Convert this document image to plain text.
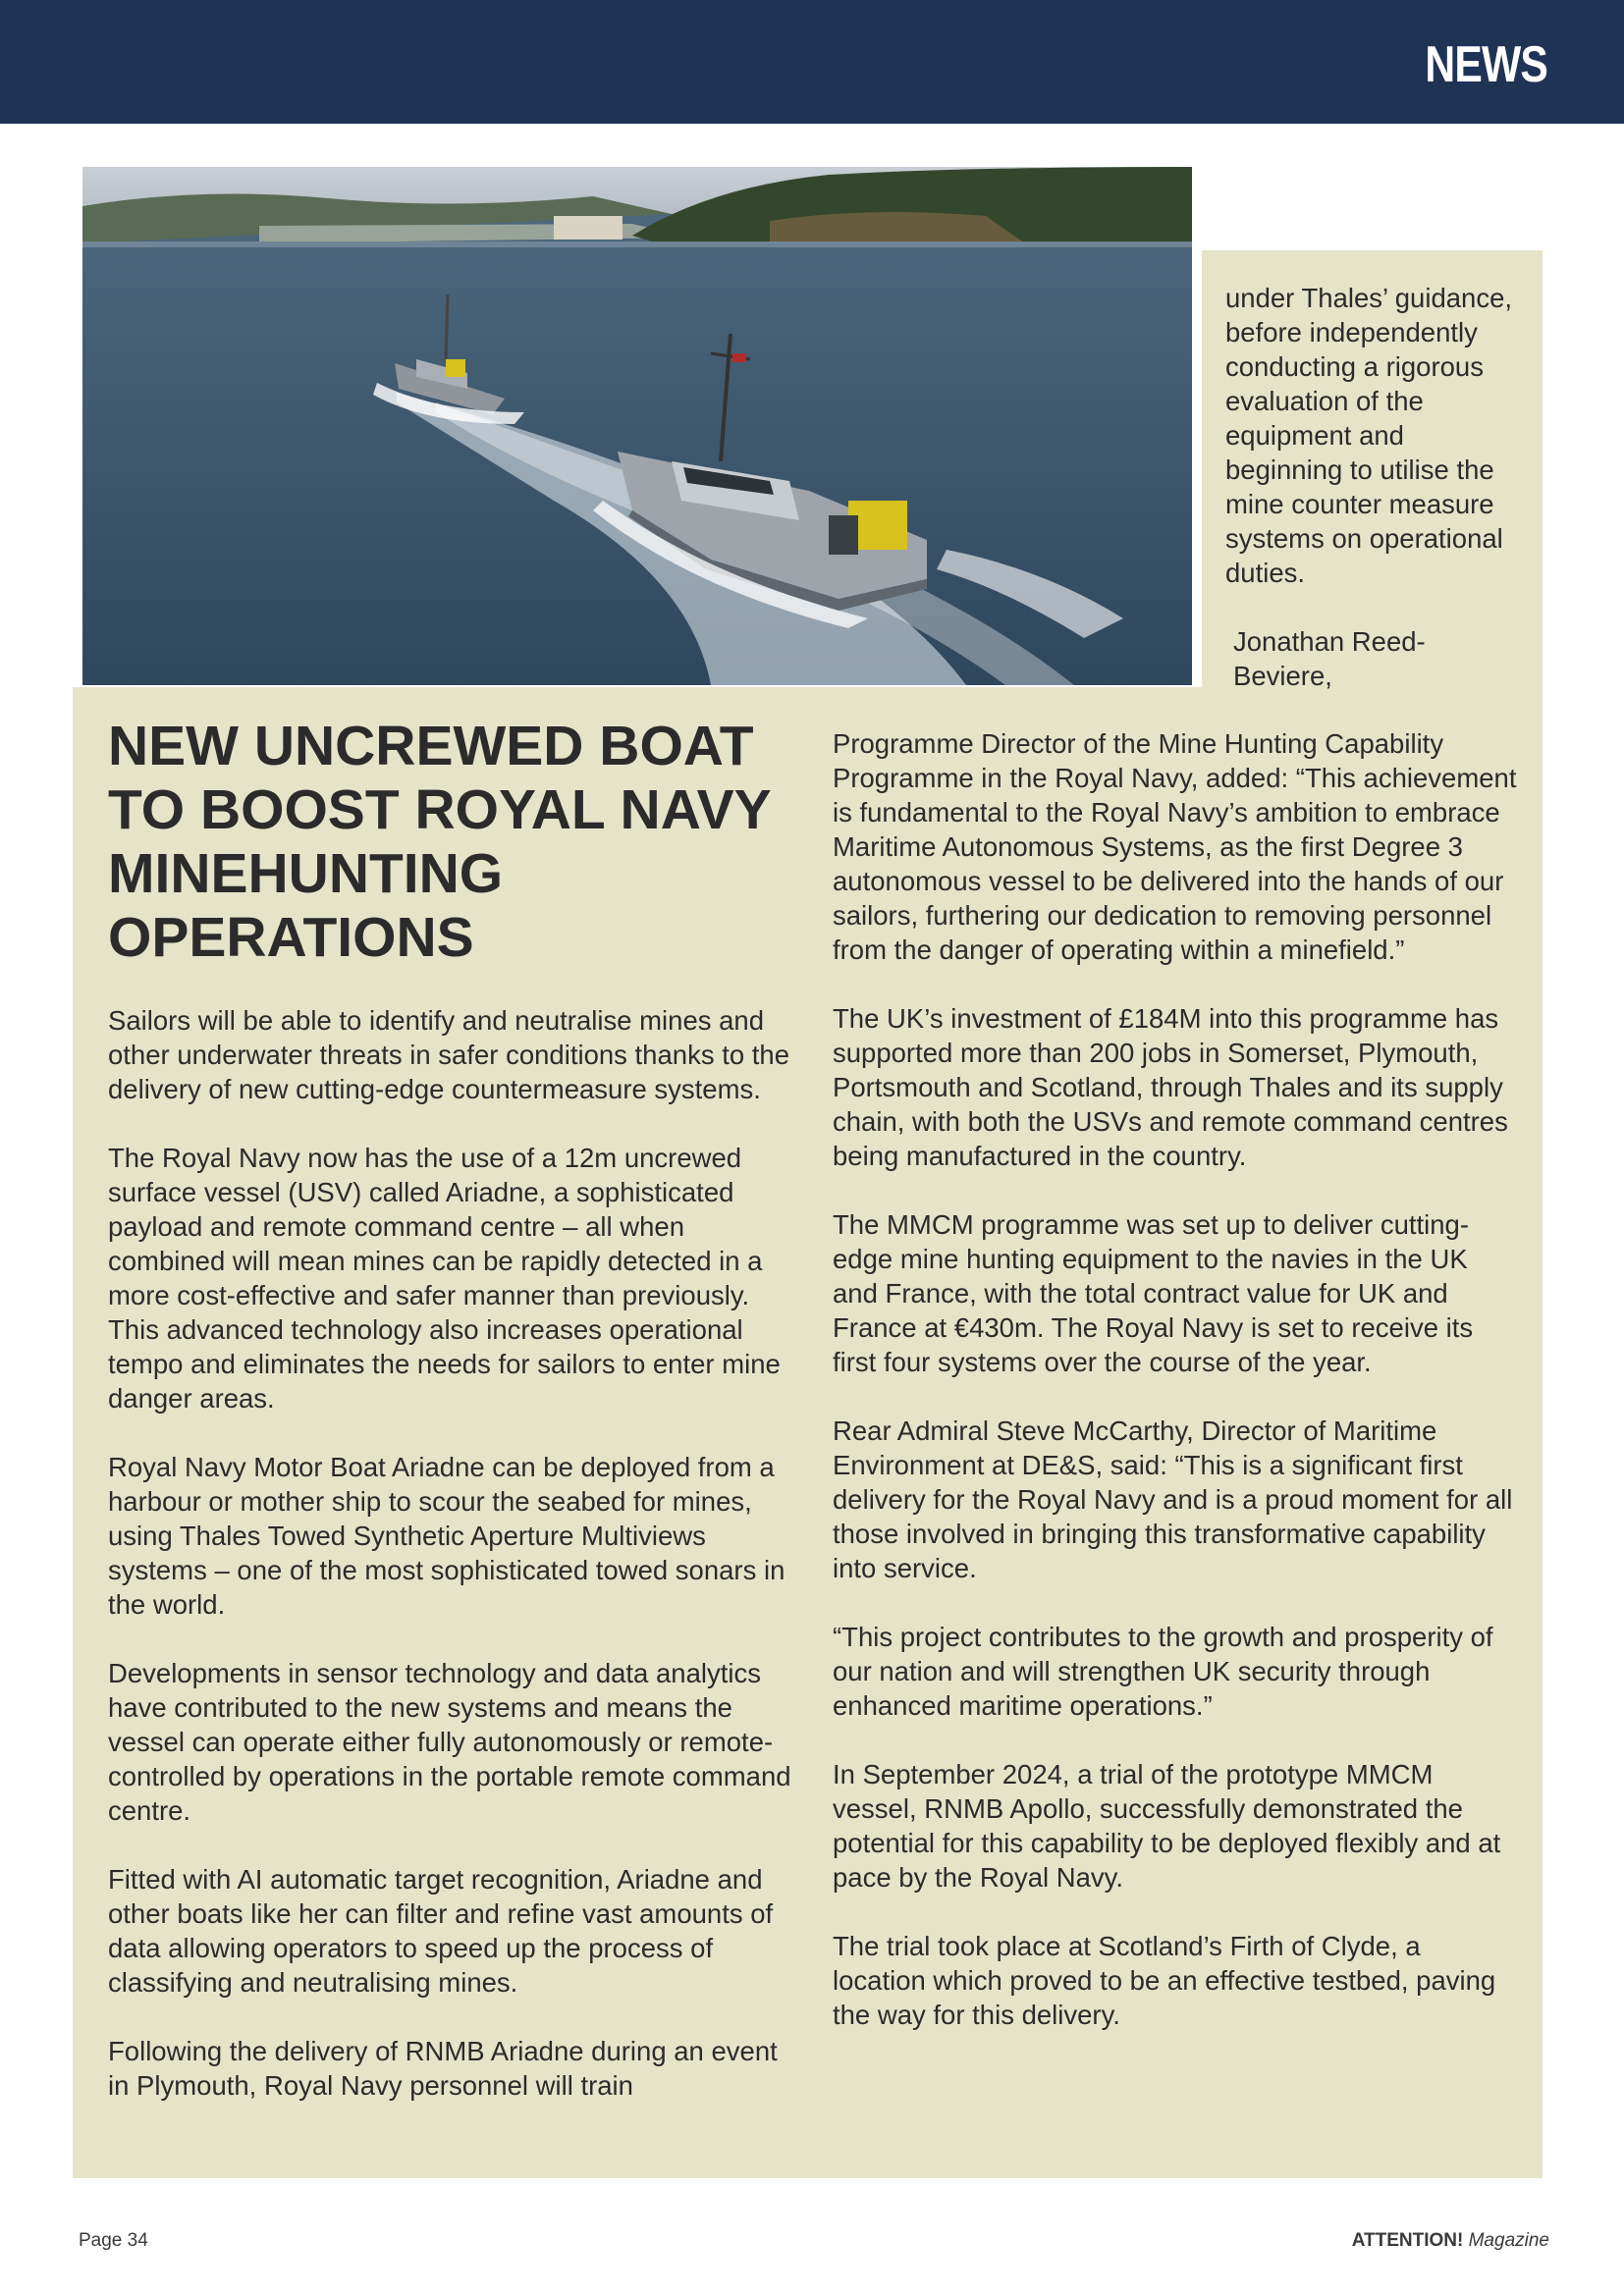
NEWS
NEW UNCREWED BOAT TO BOOST ROYAL NAVY MINEHUNTING OPERATIONS

under Thales’ guidance, before independently conducting a rigorous evaluation of the equipment and beginning to utilise the mine counter measure systems on operational duties.

Jonathan Reed-Beviere,

Sailors will be able to identify and neutralise mines and other underwater threats in safer conditions thanks to the delivery of new cutting-edge countermeasure systems.

The Royal Navy now has the use of a 12m uncrewed surface vessel (USV) called Ariadne, a sophisticated payload and remote command centre – all when combined will mean mines can be rapidly detected in a more cost-effective and safer manner than previously. This advanced technology also increases operational tempo and eliminates the needs for sailors to enter mine danger areas.

Royal Navy Motor Boat Ariadne can be deployed from a harbour or mother ship to scour the seabed for mines, using Thales Towed Synthetic Aperture Multiviews systems – one of the most sophisticated towed sonars in the world.

Developments in sensor technology and data analytics have contributed to the new systems and means the vessel can operate either fully autonomously or remote-controlled by operations in the portable remote command centre.

Fitted with AI automatic target recognition, Ariadne and other boats like her can filter and refine vast amounts of data allowing operators to speed up the process of classifying and neutralising mines.

Following the delivery of RNMB Ariadne during an event in Plymouth, Royal Navy personnel will train

Programme Director of the Mine Hunting Capability Programme in the Royal Navy, added: “This achievement is fundamental to the Royal Navy’s ambition to embrace Maritime Autonomous Systems, as the first Degree 3 autonomous vessel to be delivered into the hands of our sailors, furthering our dedication to removing personnel from the danger of operating within a minefield.”

The UK’s investment of £184M into this programme has supported more than 200 jobs in Somerset, Plymouth, Portsmouth and Scotland, through Thales and its supply chain, with both the USVs and remote command centres being manufactured in the country.

The MMCM programme was set up to deliver cutting-edge mine hunting equipment to the navies in the UK and France, with the total contract value for UK and France at €430m. The Royal Navy is set to receive its first four systems over the course of the year.

Rear Admiral Steve McCarthy, Director of Maritime Environment at DE&S, said: “This is a significant first delivery for the Royal Navy and is a proud moment for all those involved in bringing this transformative capability into service.

“This project contributes to the growth and prosperity of our nation and will strengthen UK security through enhanced maritime operations.”

In September 2024, a trial of the prototype MMCM vessel, RNMB Apollo, successfully demonstrated the potential for this capability to be deployed flexibly and at pace by the Royal Navy.

The trial took place at Scotland’s Firth of Clyde, a location which proved to be an effective testbed, paving the way for this delivery.

Page 34	ATTENTION! Magazine
